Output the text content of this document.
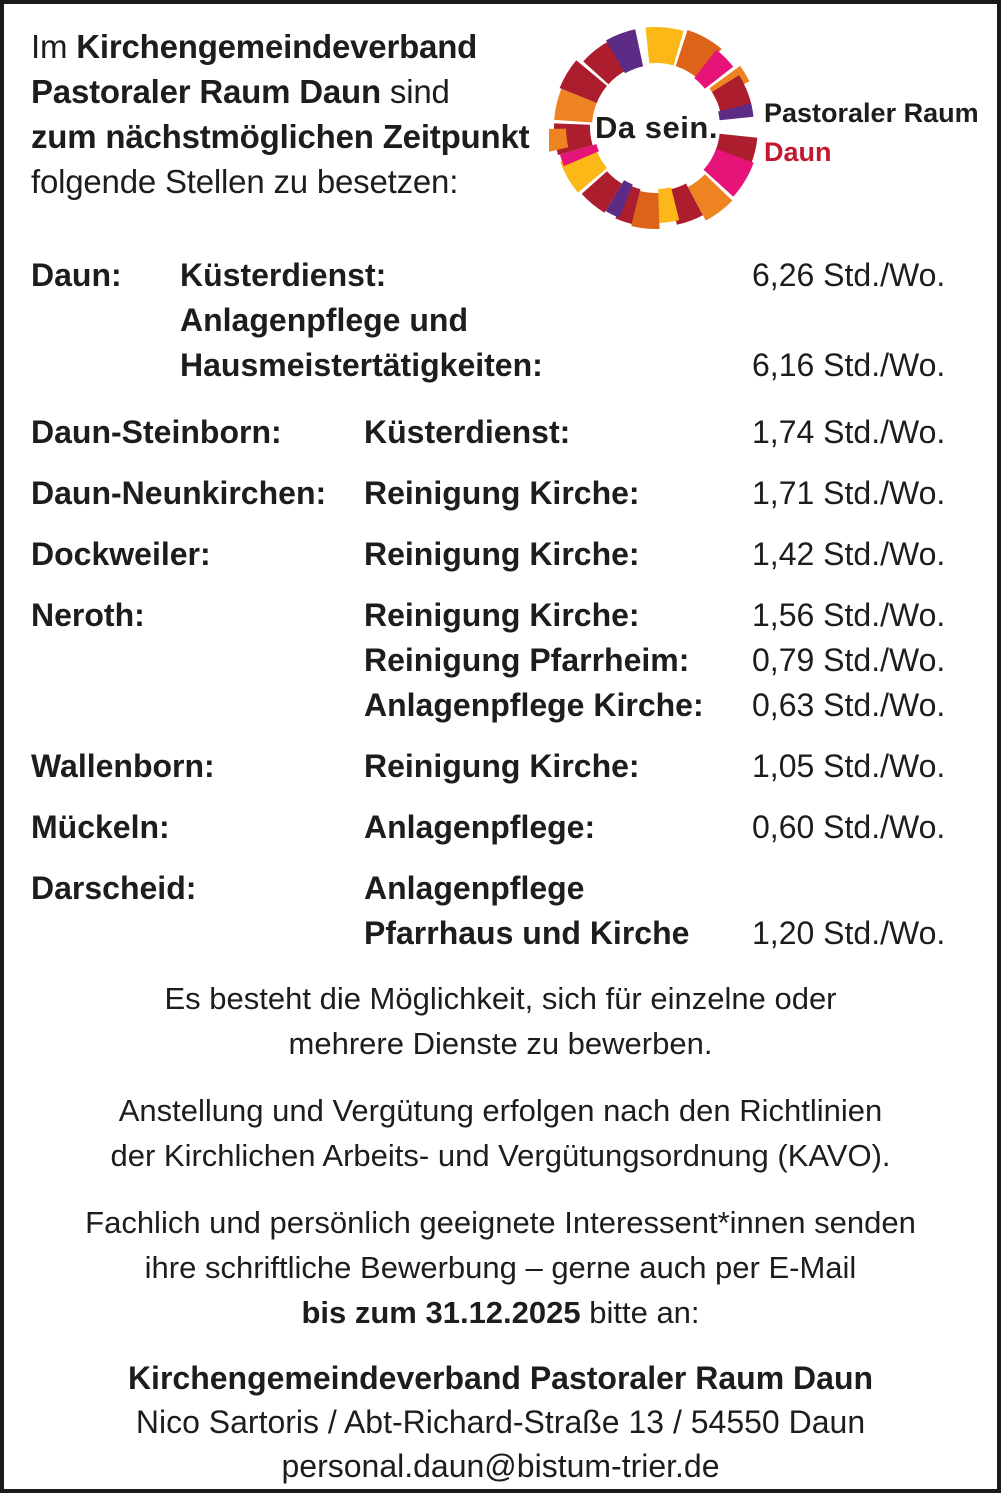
Im Kirchengemeindeverband
Pastoraler Raum Daun sind
zum nächstmöglichen Zeitpunkt
folgende Stellen zu besetzen:
Da sein.	Pastoraler Raum
Daun
Daun:	Küsterdienst:	6,26 Std./Wo.
Anlagenpflege und
Hausmeistertätigkeiten:	6,16 Std./Wo.
Daun-Steinborn:	Küsterdienst:	1,74 Std./Wo.
Daun-Neunkirchen:	Reinigung Kirche:	1,71 Std./Wo.
Dockweiler:	Reinigung Kirche:	1,42 Std./Wo.
Neroth:	Reinigung Kirche:	1,56 Std./Wo.
Reinigung Pfarrheim:	0,79 Std./Wo.
Anlagenpflege Kirche:	0,63 Std./Wo.
Wallenborn:	Reinigung Kirche:	1,05 Std./Wo.
Mückeln:	Anlagenpflege:	0,60 Std./Wo.
Darscheid:	Anlagenpflege
Pfarrhaus und Kirche	1,20 Std./Wo.
Es besteht die Möglichkeit, sich für einzelne oder
mehrere Dienste zu bewerben.
Anstellung und Vergütung erfolgen nach den Richtlinien
der Kirchlichen Arbeits- und Vergütungsordnung (KAVO).
Fachlich und persönlich geeignete Interessent*innen senden
ihre schriftliche Bewerbung – gerne auch per E-Mail
bis zum 31.12.2025 bitte an:
Kirchengemeindeverband Pastoraler Raum Daun
Nico Sartoris / Abt-Richard-Straße 13 / 54550 Daun
personal.daun@bistum-trier.de
